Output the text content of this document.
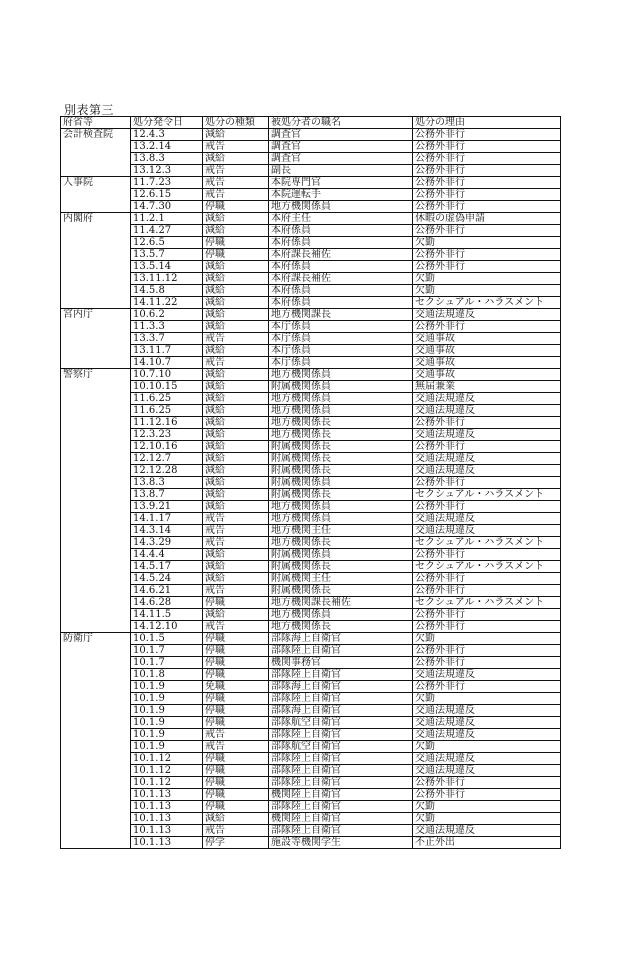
別表第三
府省等	処分発令日	処分の種類	被処分者の職名	処分の理由
会計検査院	12.4.3	減給	調査官	公務外非行
	13.2.14	戒告	調査官	公務外非行
	13.8.3	減給	調査官	公務外非行
	13.12.3	戒告	副長	公務外非行
人事院	11.7.23	戒告	本院専門官	公務外非行
	12.6.15	戒告	本院運転手	公務外非行
	14.7.30	停職	地方機関係員	公務外非行
内閣府	11.2.1	減給	本府主任	休暇の虚偽申請
	11.4.27	減給	本府係員	公務外非行
	12.6.5	停職	本府係員	欠勤
	13.5.7	停職	本府課長補佐	公務外非行
	13.5.14	減給	本府係員	公務外非行
	13.11.12	減給	本府課長補佐	欠勤
	14.5.8	減給	本府係員	欠勤
	14.11.22	減給	本府係員	セクシュアル・ハラスメント
宮内庁	10.6.2	減給	地方機関課長	交通法規違反
	11.3.3	減給	本庁係員	公務外非行
	13.3.7	戒告	本庁係員	交通事故
	13.11.7	減給	本庁係員	交通事故
	14.10.7	戒告	本庁係員	交通事故
警察庁	10.7.10	減給	地方機関係員	交通事故
	10.10.15	減給	附属機関係員	無届兼業
	11.6.25	減給	地方機関係員	交通法規違反
	11.6.25	減給	地方機関係員	交通法規違反
	11.12.16	減給	地方機関係長	公務外非行
	12.3.23	減給	地方機関係長	交通法規違反
	12.10.16	減給	附属機関係長	公務外非行
	12.12.7	減給	附属機関係長	交通法規違反
	12.12.28	減給	附属機関係長	交通法規違反
	13.8.3	減給	附属機関係員	公務外非行
	13.8.7	減給	附属機関係長	セクシュアル・ハラスメント
	13.9.21	減給	地方機関係員	公務外非行
	14.1.17	戒告	地方機関係員	交通法規違反
	14.3.14	戒告	地方機関主任	交通法規違反
	14.3.29	戒告	地方機関係長	セクシュアル・ハラスメント
	14.4.4	減給	附属機関係員	公務外非行
	14.5.17	減給	附属機関係長	セクシュアル・ハラスメント
	14.5.24	減給	附属機関主任	公務外非行
	14.6.21	戒告	附属機関係長	公務外非行
	14.6.28	停職	地方機関課長補佐	セクシュアル・ハラスメント
	14.11.5	減給	地方機関係員	公務外非行
	14.12.10	戒告	地方機関係長	公務外非行
防衛庁	10.1.5	停職	部隊海上自衛官	欠勤
	10.1.7	停職	部隊陸上自衛官	公務外非行
	10.1.7	停職	機関事務官	公務外非行
	10.1.8	停職	部隊陸上自衛官	交通法規違反
	10.1.9	免職	部隊海上自衛官	公務外非行
	10.1.9	停職	部隊陸上自衛官	欠勤
	10.1.9	停職	部隊海上自衛官	交通法規違反
	10.1.9	停職	部隊航空自衛官	交通法規違反
	10.1.9	戒告	部隊陸上自衛官	交通法規違反
	10.1.9	戒告	部隊航空自衛官	欠勤
	10.1.12	停職	部隊陸上自衛官	交通法規違反
	10.1.12	停職	部隊陸上自衛官	交通法規違反
	10.1.12	停職	部隊陸上自衛官	公務外非行
	10.1.13	停職	機関陸上自衛官	公務外非行
	10.1.13	停職	部隊陸上自衛官	欠勤
	10.1.13	減給	機関陸上自衛官	欠勤
	10.1.13	戒告	部隊陸上自衛官	交通法規違反
	10.1.13	停学	施設等機関学生	不正外出
